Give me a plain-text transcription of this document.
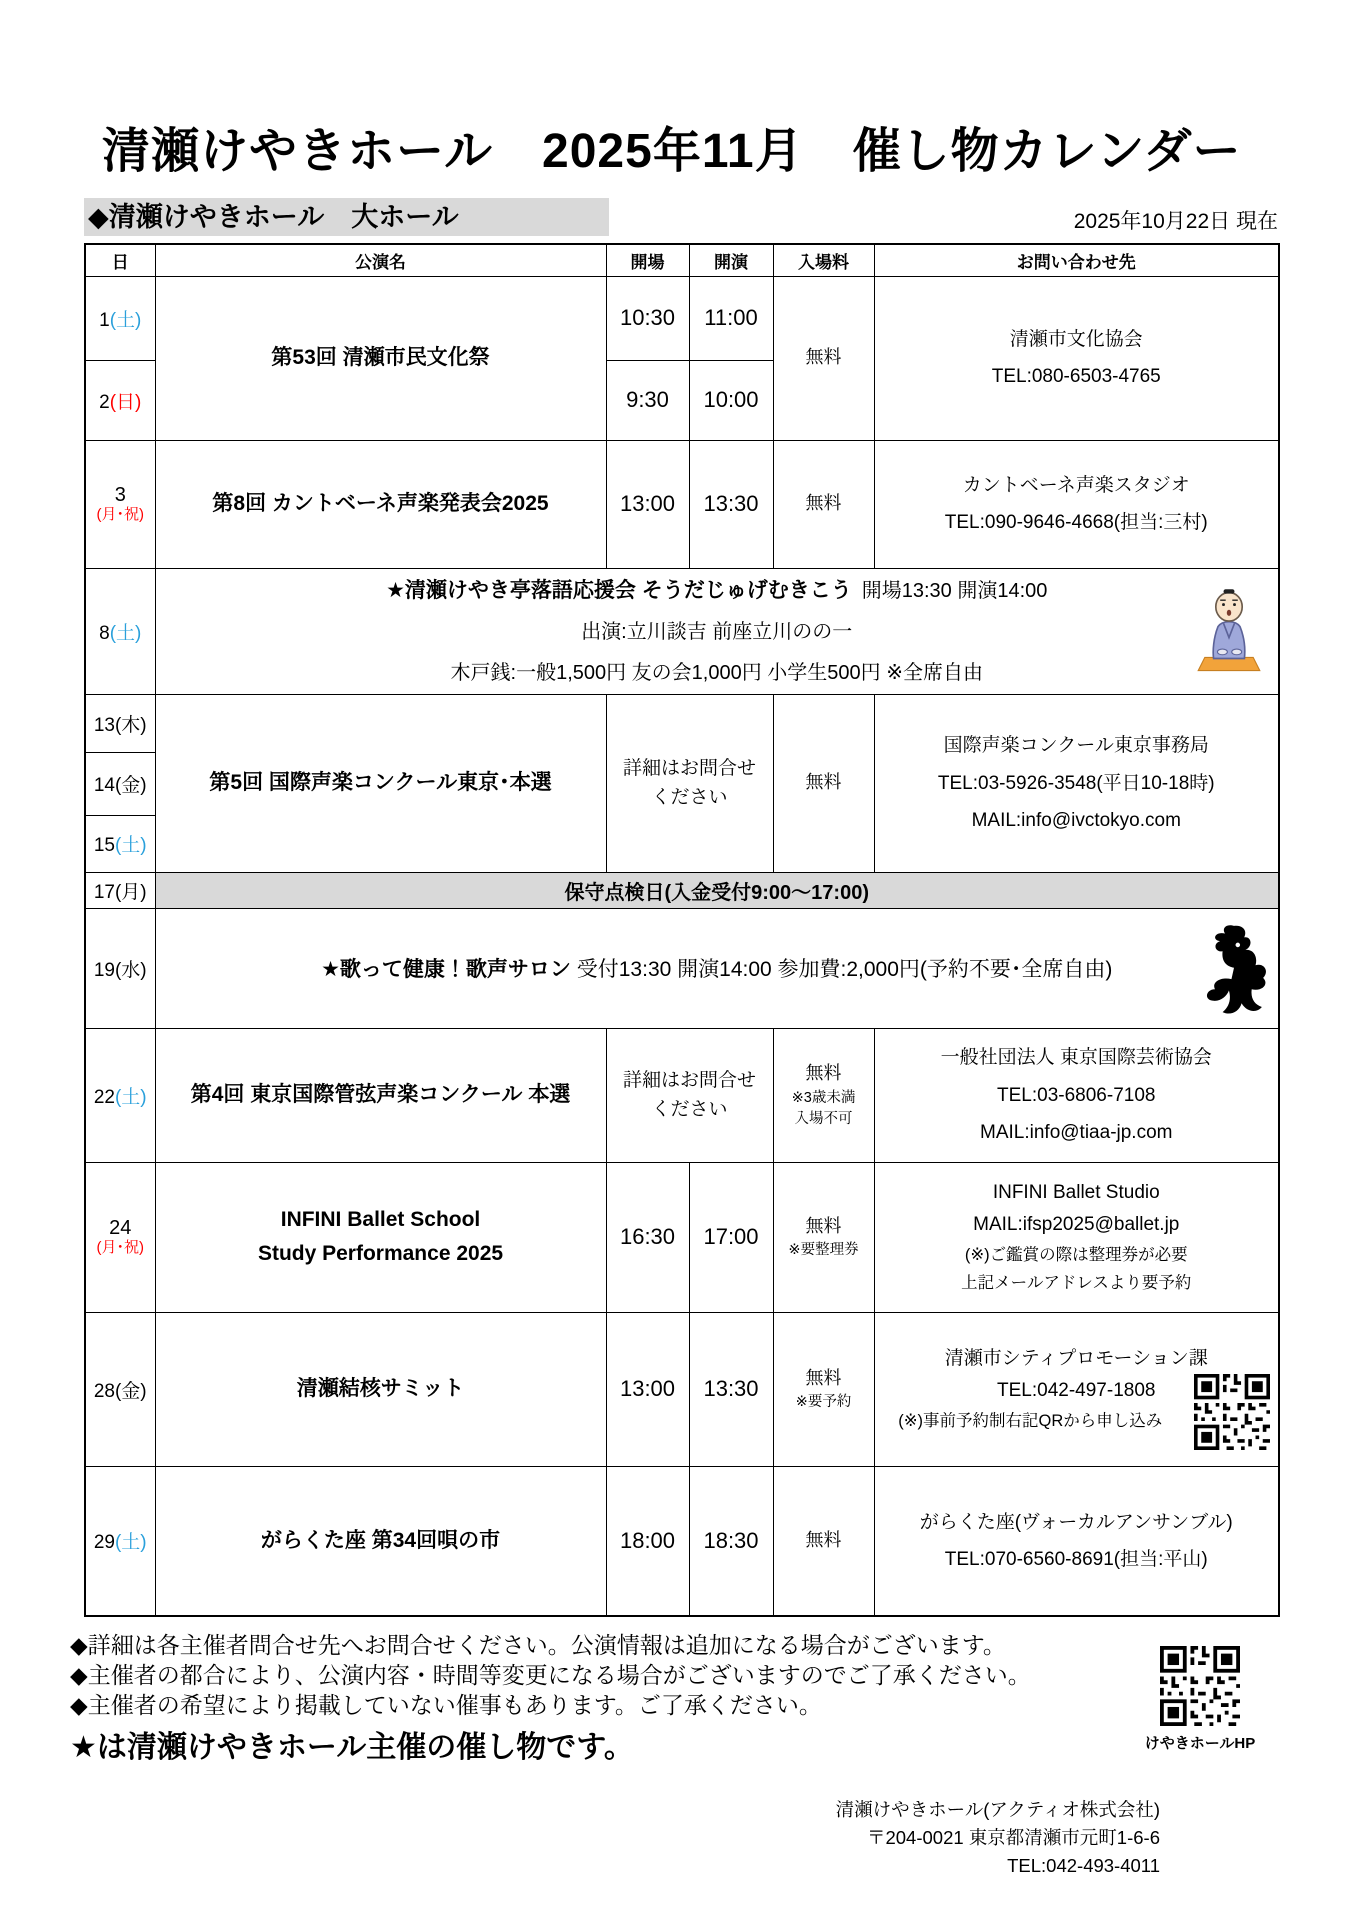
清瀬けやきホール　2025年11月　催し物カレンダー
◆清瀬けやきホール　大ホール	2025年10月22日 現在
日	公演名	開場	開演	入場料	お問い合わせ先
1(土)	第53回 清瀬市民文化祭	10:30	11:00	無料	清瀬市文化協会
TEL:080-6503-4765

2(日)		9:30	10:00		

3
(月･祝)	第8回 カントベーネ声楽発表会2025	13:00	13:30	無料	
カントベーネ声楽スタジオ
TEL:090-9646-4668(担当:三村)

8(土)	★清瀬けやき亭落語応援会 そうだじゅげむきこう 開場13:30 開演14:00
出演:立川談吉 前座立川のの一
木戸銭:一般1,500円 友の会1,000円 小学生500円 ※全席自由				

13(木)	第5回 国際声楽コンクール東京･本選	
詳細はお問合せ
ください
	無料	
国際声楽コンクール東京事務局
TEL:03-5926-3548(平日10-18時)
MAIL:info@ivctokyo.com

14(金)					
15(土)					
17(月)	保守点検日(入金受付9:00～17:00)				
19(水)	★歌って健康！歌声サロン 受付13:30 開演14:00 参加費:2,000円(予約不要･全席自由)				

22(土)	第4回 東京国際管弦声楽コンクール 本選	
詳細はお問合せ
ください
	無料
※3歳未満
入場不可

一般社団法人 東京国際芸術協会
TEL:03-6806-7108
MAIL:info@tiaa-jp.com

24
(月･祝)

INFINI Ballet School
Study Performance 2025
	16:30	17:00	無料
※要整理券

INFINI Ballet Studio
MAIL:ifsp2025@ballet.jp
(※)ご鑑賞の際は整理券が必要
上記メールアドレスより要予約

28(金)	清瀬結核サミット	13:00	13:30	無料
※要予約

清瀬市シティプロモーション課
TEL:042-497-1808
(※)事前予約制右記QRから申し込み

29(土)	がらくた座 第34回唄の市	18:00	18:30	無料	がらくた座(ヴォーカルアンサンブル)
TEL:070-6560-8691(担当:平山)
◆詳細は各主催者問合せ先へお問合せください。公演情報は追加になる場合がございます。
◆主催者の都合により、公演内容・時間等変更になる場合がございますのでご了承ください。
◆主催者の希望により掲載していない催事もあります。ご了承ください。
★は清瀬けやきホール主催の催し物です。	けやきホールHP
清瀬けやきホール(アクティオ株式会社)
〒204-0021 東京都清瀬市元町1-6-6
TEL:042-493-4011
